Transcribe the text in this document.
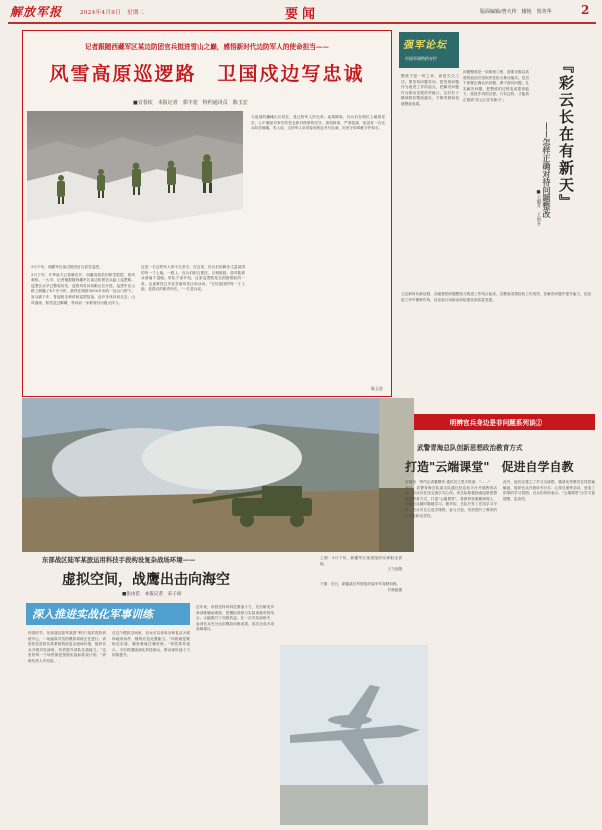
解放军报	2024年4月9日　星期二	要闻	版面编辑/曾火传　楼艳　贺英华 2
记者跟随西藏军区某边防团官兵挺进雪山之巅，感悟新时代边防军人的使命担当——
风雪高原巡逻路　卫国戍边写忠诚
■宜春钦　本报记者　郭丰宽　特约通讯员　陈玉宏
3月下旬，西藏军区某边防团官兵冒雪巡逻。
3月下旬，开季南方已春暖花开，西藏高原依旧积雪皑皑、寒风刺骨。一大早，记者便跟随西藏军区某边防团官兵踏上巡逻路。巡逻官兵早已整装待发，迎着风雪向执勤点位开进。巡逻车在山路上颠簸了4个多小时，最终在海拔5000多米的一处山口停下。官兵跳下车，背起枪支弹药和巡逻装备，迈开步伐向前走去。山风凛冽，积雪没过脚踝，每向前一步都需付出极大体力。
这是一名边防军人的平凡坚守。在这里，官兵们用脚步丈量祖国的每一寸土地。一路上，官兵们相互搀扶，互相鼓励，面对陡坡冰面毫不退缩。带队干部介绍，这条巡逻路是全团最艰险的一条，沿途要经过多处雪崩易发区和冰河。"守好祖国的每一寸土地，是我们的职责所在。"一名老兵说。
与祖国的巍峨山川同在，是边防军人的光荣。夜幕降临，官兵们在哨位上凝望星空，心中满是对家乡的思念和对使命的坚守。高原缺氧、严寒侵袭，但没有一名官兵叫苦喊累。有人说，边防军人用青春和热血书写忠诚，用坚守和奉献守护和平。
陈玉宏
强军论坛
中国军网特约专栏
问题整改是一项系统工程，需要各级以高度的政治自觉和责任担当推动落实。党员干部要正确认识问题、勇于面对问题、扎实解决问题，把整改的过程变成提高能力、改进作风的过程。只有这样，才能真正做到"彩云长在有新天"。	『彩云长在有新天』
——怎样正确对待问题整改
■王朝升　王时升
整改不是一时之举，而是长久之功。要坚持问题导向，把发现问题作为改进工作的起点，把解决问题作为推动发展的突破口，以钉钉子精神抓好整改落实，不断巩固和拓展整改成果。
立足新时代新征程，各级要把问题整改与推进工作结合起来，以整改成果检验工作成效，在解决问题中提升能力，在改进工作中锤炼作风，以实际行动推动部队建设高质量发展。
明辨官兵身边是非问题系列谈②
上图：3月下旬，新疆军区某团组织实弹射击训练。
王乃奋摄
下图：近日，新疆某红军旅组织装甲车驾驶训练。
吕林振摄
武警青海总队创新思想政治教育方式
打造"云端课堂"　促进自学自教
本报讯　特约记者董耀荣 通讯员王思宇报道："……"
近日，武警青海总队某支队通过信息化平台开展教育活动，官兵们在线交流学习心得。该总队积极探索创新思想政治教育方式，打造"云端课堂"，将教育资源搬到网上，方便官兵随时随地学习。据介绍，总队开发了在线学习平台，官兵可自主选学课程、参与讨论，有效提升了教育的针对性和实效性。
此外，他们还建立了学习交流群，邀请优秀教员在线答疑解惑，组织官兵开展读书分享、心得交流等活动，营造了浓厚的学习氛围。官兵们纷纷表示，"云端课堂"让学习更便捷、更高效。
东部战区陆军某旅运用科技手段构设复杂战场环境——
虚拟空间，战鹰出击向海空
■张由范　本报记者　宋子尚
深入推进实战化军事训练
仲春时节，东部战区陆军某旅"利刃"战术攻防训练中心，一场逼真对抗的模拟训练正在进行。该旅依托虚拟仿真系统构设复杂战场环境，组织官兵开展对抗演练，有效提升部队实战能力。"这里的每一个场景都是按照实战标准设计的。"训练负责人介绍说。
在这个模拟空间里，官兵可以体验各种复杂天候和地形条件，锤炼应急处置能力。"训练就是要贴近实战，哪里难就往哪里练。"该旅领导表示，今后将继续深化科技练兵，推动部队战斗力持续提升。
近年来，该旅坚持向科技要战斗力，先后研发多套训练辅助系统，把模拟训练与实装训练有机结合，大幅提升了训练效益。在一次对抗演练中，参训官兵充分运用模拟训练成果，成功完成多项高难课目。
